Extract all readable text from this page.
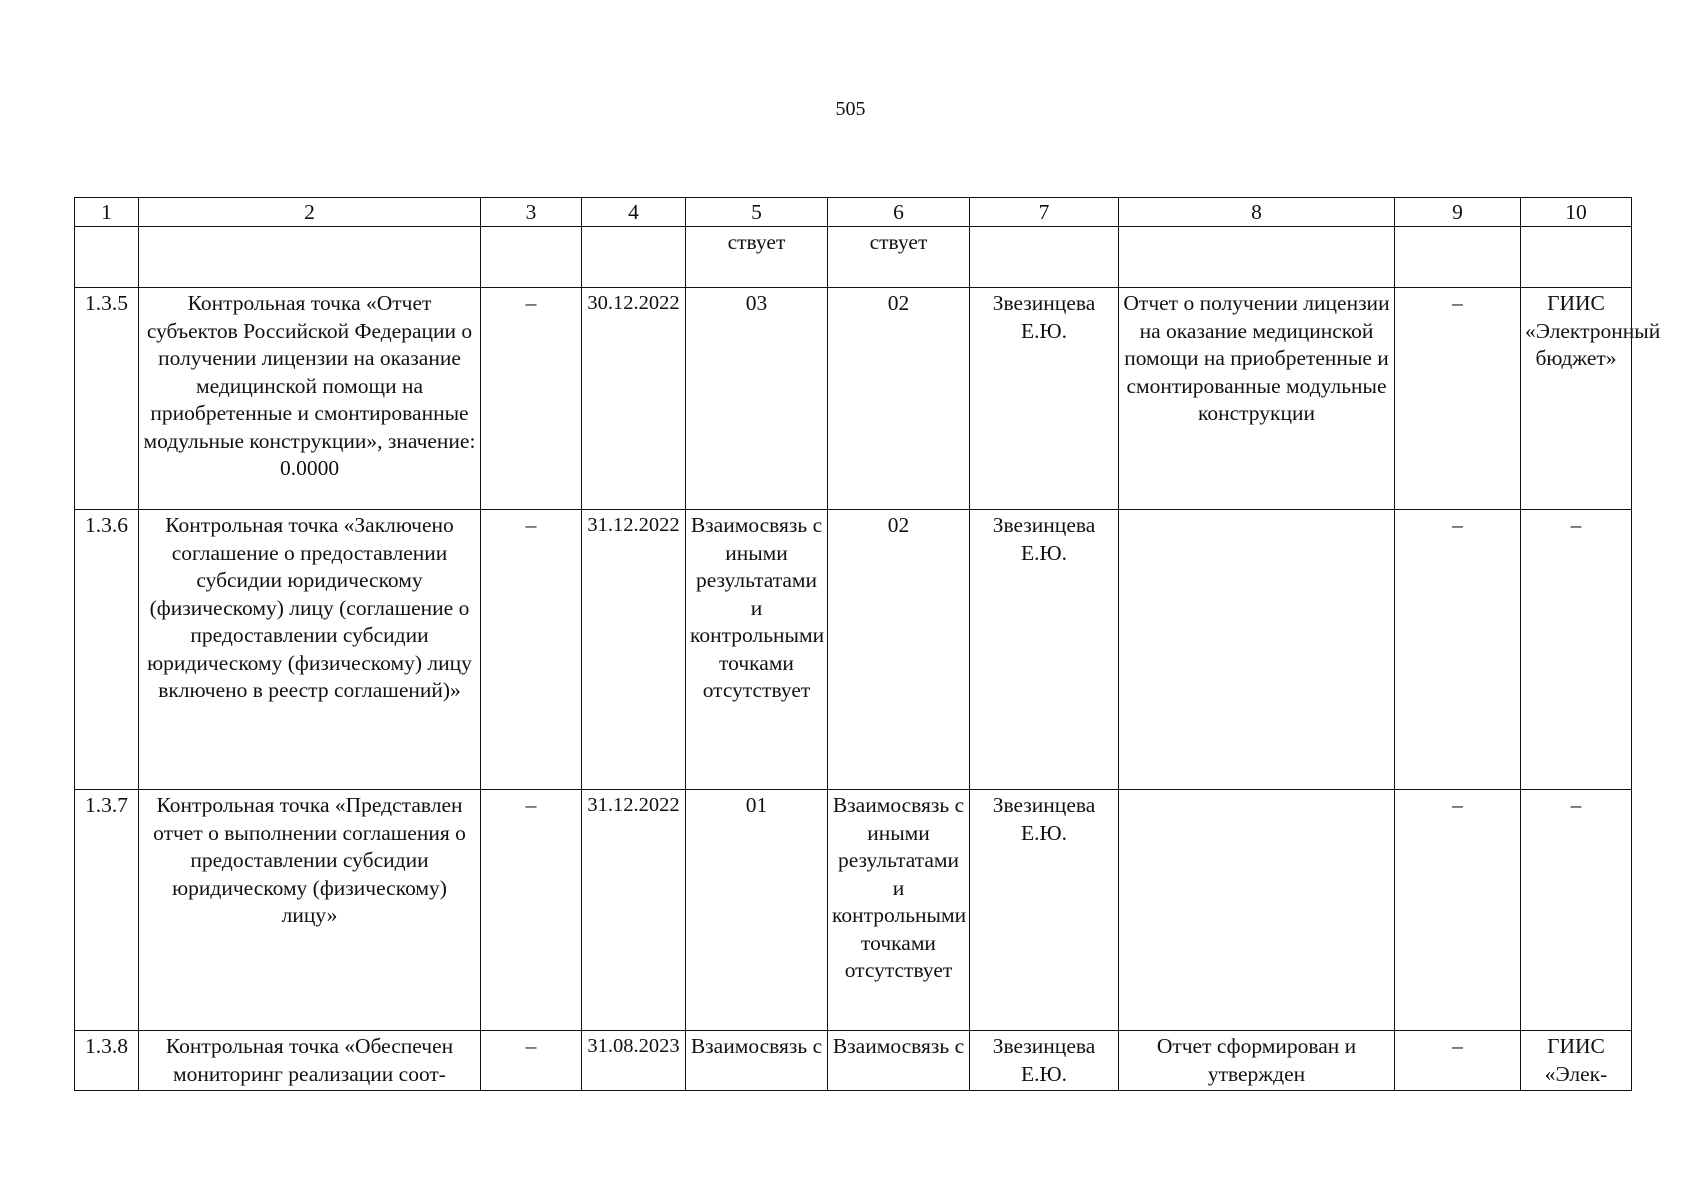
505
1	2	3	4	5	6	7	8	9	10
				ствует	ствует				
1.3.5	Контрольная точка «Отчет субъектов Российской Федерации о получении лицензии на оказание медицинской помощи на приобретенные и смонтированные модульные конструкции», значение: 0.0000	–	30.12.2022	03	02	Звезинцева Е.Ю.	Отчет о получении лицензии на оказание медицинской помощи на приобретенные и смонтированные модульные конструкции	–	ГИИС «Электронный бюджет»
1.3.6	Контрольная точка «Заключено соглашение о предоставлении субсидии юридическому (физическому) лицу (соглашение о предоставлении субсидии юридическому (физическому) лицу включено в реестр соглашений)»	–	31.12.2022	Взаимосвязь с иными результатами и контрольными точками отсутствует	02	Звезинцева Е.Ю.		–	–
1.3.7	Контрольная точка «Представлен отчет о выполнении соглашения о предоставлении субсидии юридическому (физическому) лицу»	–	31.12.2022	01	Взаимосвязь с иными результатами и контрольными точками отсутствует	Звезинцева Е.Ю.		–	–
1.3.8	Контрольная точка «Обеспечен мониторинг реализации соот-	–	31.08.2023	Взаимосвязь с	Взаимосвязь с	Звезинцева Е.Ю.	Отчет сформирован и утвержден	–	ГИИС «Элек-
